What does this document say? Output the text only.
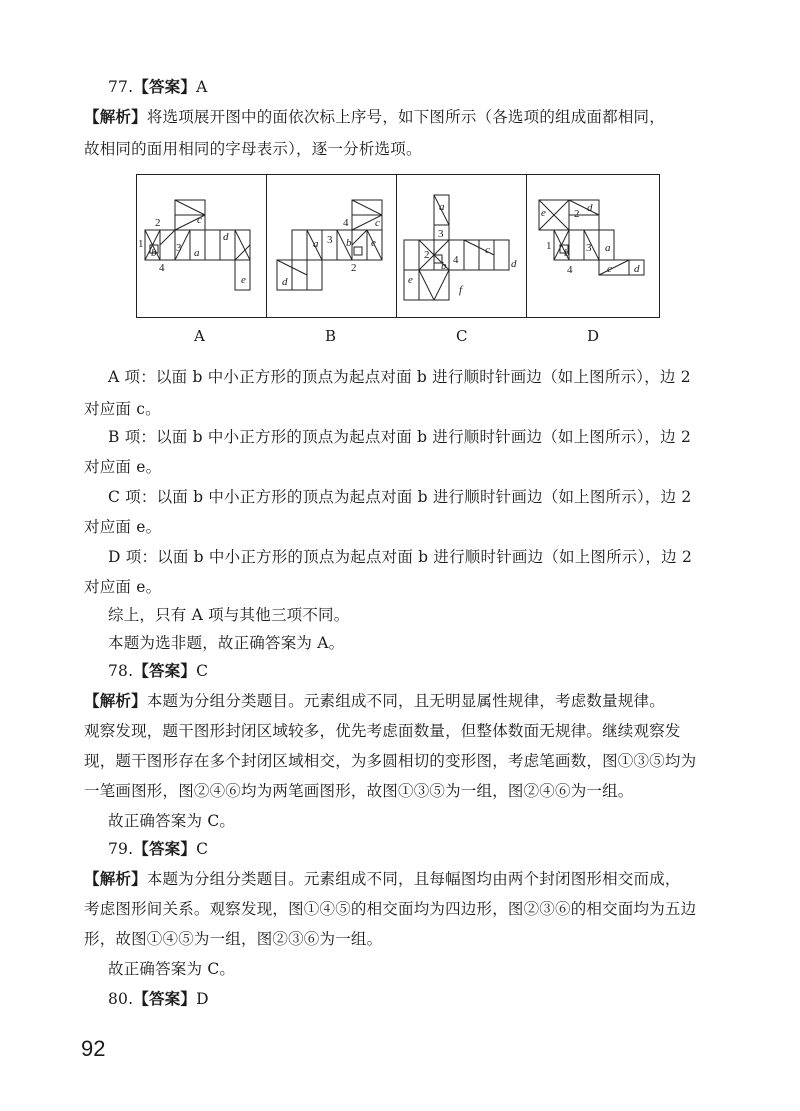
77.【答案】A
【解析】将选项展开图中的面依次标上序号，如下图所示（各选项的组成面都相同，
故相同的面用相同的字母表示），逐一分析选项。
1
2
3
4
b	a
c
d
e
4
3
2
a	b
c
d
e
a
3
2 4
b
c
d
e
f
e	2
1	3
4
b	a
d
c d
A	B	C	D
A 项：以面 b 中小正方形的顶点为起点对面 b 进行顺时针画边（如上图所示），边 2
对应面 c。
B 项：以面 b 中小正方形的顶点为起点对面 b 进行顺时针画边（如上图所示），边 2
对应面 e。
C 项：以面 b 中小正方形的顶点为起点对面 b 进行顺时针画边（如上图所示），边 2
对应面 e。
D 项：以面 b 中小正方形的顶点为起点对面 b 进行顺时针画边（如上图所示），边 2
对应面 e。
综上，只有 A 项与其他三项不同。
本题为选非题，故正确答案为 A。
78.【答案】C
【解析】本题为分组分类题目。元素组成不同，且无明显属性规律，考虑数量规律。
观察发现，题干图形封闭区域较多，优先考虑面数量，但整体数面无规律。继续观察发
现，题干图形存在多个封闭区域相交，为多圆相切的变形图，考虑笔画数，图①③⑤均为
一笔画图形，图②④⑥均为两笔画图形，故图①③⑤为一组，图②④⑥为一组。
故正确答案为 C。
79.【答案】C
【解析】本题为分组分类题目。元素组成不同，且每幅图均由两个封闭图形相交而成，
考虑图形间关系。观察发现，图①④⑤的相交面均为四边形，图②③⑥的相交面均为五边
形，故图①④⑤为一组，图②③⑥为一组。
故正确答案为 C。
80.【答案】D
92
